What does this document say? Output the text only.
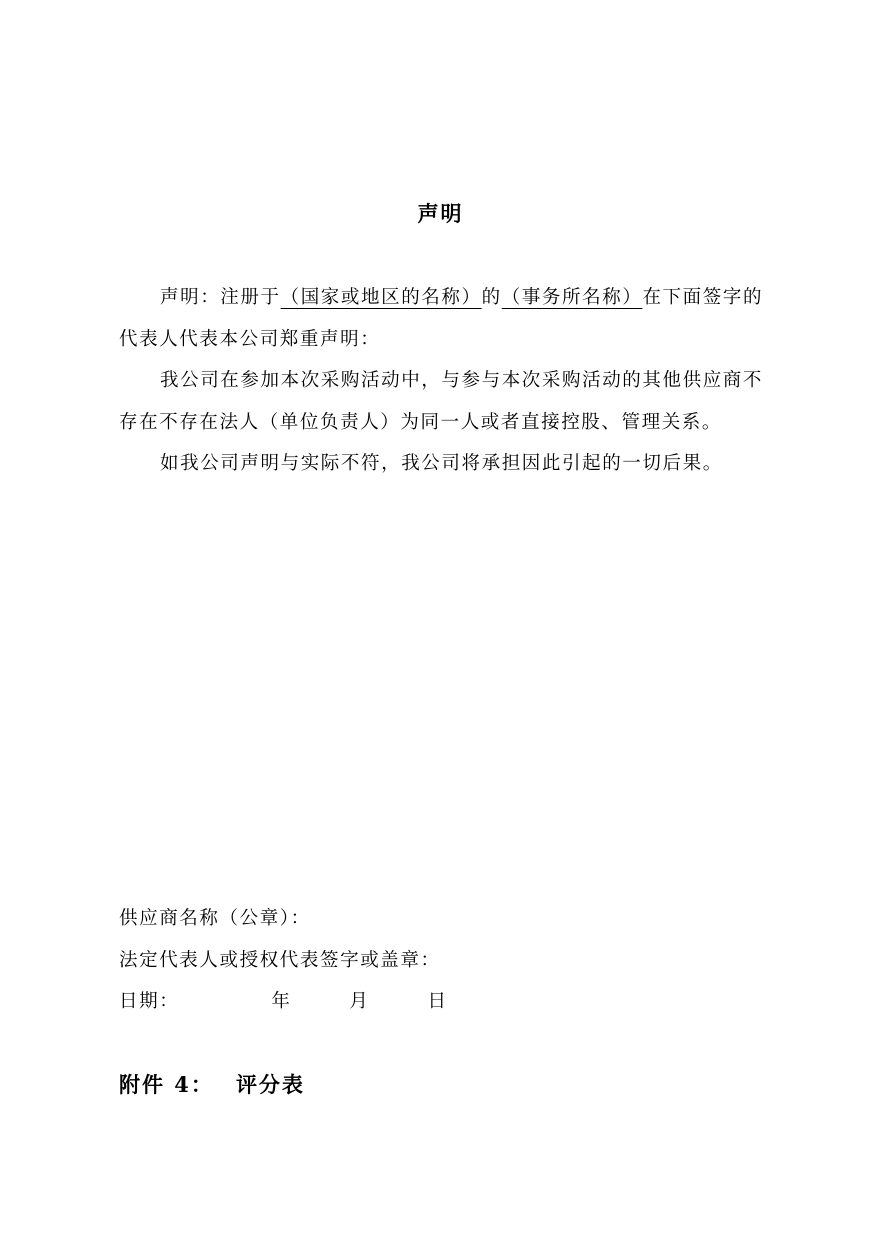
声明
声明：注册于（国家或地区的名称）的（事务所名称）在下面签字的代表人代表本公司郑重声明：
我公司在参加本次采购活动中，与参与本次采购活动的其他供应商不存在不存在法人（单位负责人）为同一人或者直接控股、管理关系。
如我公司声明与实际不符，我公司将承担因此引起的一切后果。
供应商名称（公章）：
法定代表人或授权代表签字或盖章：
日期：	年	月	日
附件 4： 评分表
